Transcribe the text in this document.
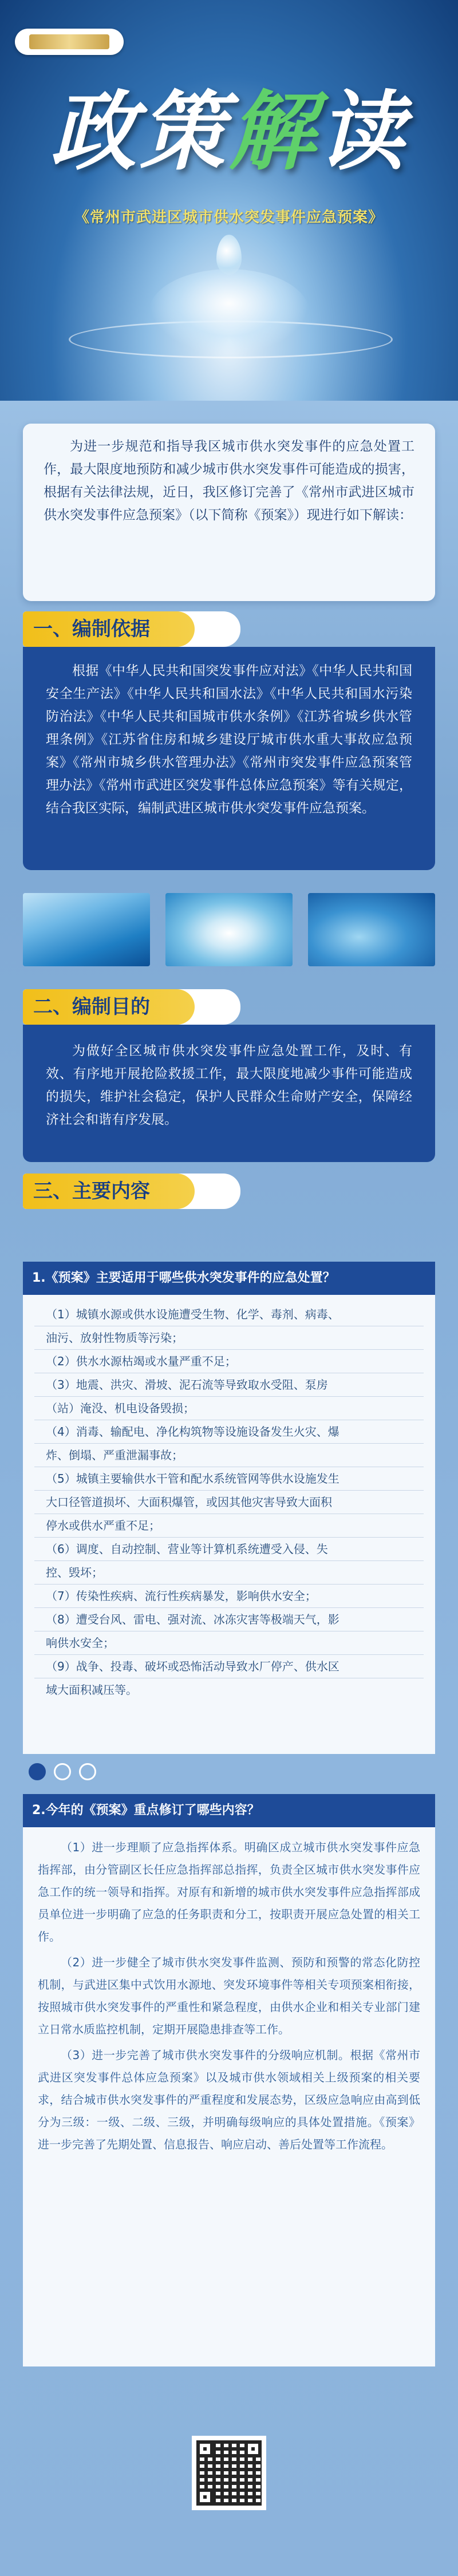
政策解读
《常州市武进区城市供水突发事件应急预案》

为进一步规范和指导我区城市供水突发事件的应急处置工作，最大限度地预防和减少城市供水突发事件可能造成的损害，根据有关法律法规，近日，我区修订完善了《常州市武进区城市供水突发事件应急预案》（以下简称《预案》）现进行如下解读：

一、编制依据

根据《中华人民共和国突发事件应对法》《中华人民共和国安全生产法》《中华人民共和国水法》《中华人民共和国水污染防治法》《中华人民共和国城市供水条例》《江苏省城乡供水管理条例》《江苏省住房和城乡建设厅城市供水重大事故应急预案》《常州市城乡供水管理办法》《常州市突发事件应急预案管理办法》《常州市武进区突发事件总体应急预案》等有关规定，结合我区实际，编制武进区城市供水突发事件应急预案。

二、编制目的

为做好全区城市供水突发事件应急处置工作，及时、有效、有序地开展抢险救援工作，最大限度地减少事件可能造成的损失，维护社会稳定，保护人民群众生命财产安全，保障经济社会和谐有序发展。

三、主要内容
1.《预案》主要适用于哪些供水突发事件的应急处置？
（1）城镇水源或供水设施遭受生物、化学、毒剂、病毒、
油污、放射性物质等污染；
（2）供水水源枯竭或水量严重不足；
（3）地震、洪灾、滑坡、泥石流等导致取水受阻、泵房
（站）淹没、机电设备毁损；
（4）消毒、输配电、净化构筑物等设施设备发生火灾、爆
炸、倒塌、严重泄漏事故；
（5）城镇主要输供水干管和配水系统管网等供水设施发生
大口径管道损坏、大面积爆管，或因其他灾害导致大面积
停水或供水严重不足；
（6）调度、自动控制、营业等计算机系统遭受入侵、失
控、毁坏；
（7）传染性疾病、流行性疾病暴发，影响供水安全；
（8）遭受台风、雷电、强对流、冰冻灾害等极端天气，影
响供水安全；
（9）战争、投毒、破坏或恐怖活动导致水厂停产、供水区
域大面积减压等。
2.今年的《预案》重点修订了哪些内容？

（1）进一步理顺了应急指挥体系。明确区成立城市供水突发事件应急指挥部，由分管副区长任应急指挥部总指挥，负责全区城市供水突发事件应急工作的统一领导和指挥。对原有和新增的城市供水突发事件应急指挥部成员单位进一步明确了应急的任务职责和分工，按职责开展应急处置的相关工作。

（2）进一步健全了城市供水突发事件监测、预防和预警的常态化防控机制，与武进区集中式饮用水源地、突发环境事件等相关专项预案相衔接，按照城市供水突发事件的严重性和紧急程度，由供水企业和相关专业部门建立日常水质监控机制，定期开展隐患排查等工作。

（3）进一步完善了城市供水突发事件的分级响应机制。根据《常州市武进区突发事件总体应急预案》以及城市供水领域相关上级预案的相关要求，结合城市供水突发事件的严重程度和发展态势，区级应急响应由高到低分为三级：一级、二级、三级，并明确每级响应的具体处置措施。《预案》进一步完善了先期处置、信息报告、响应启动、善后处置等工作流程。
